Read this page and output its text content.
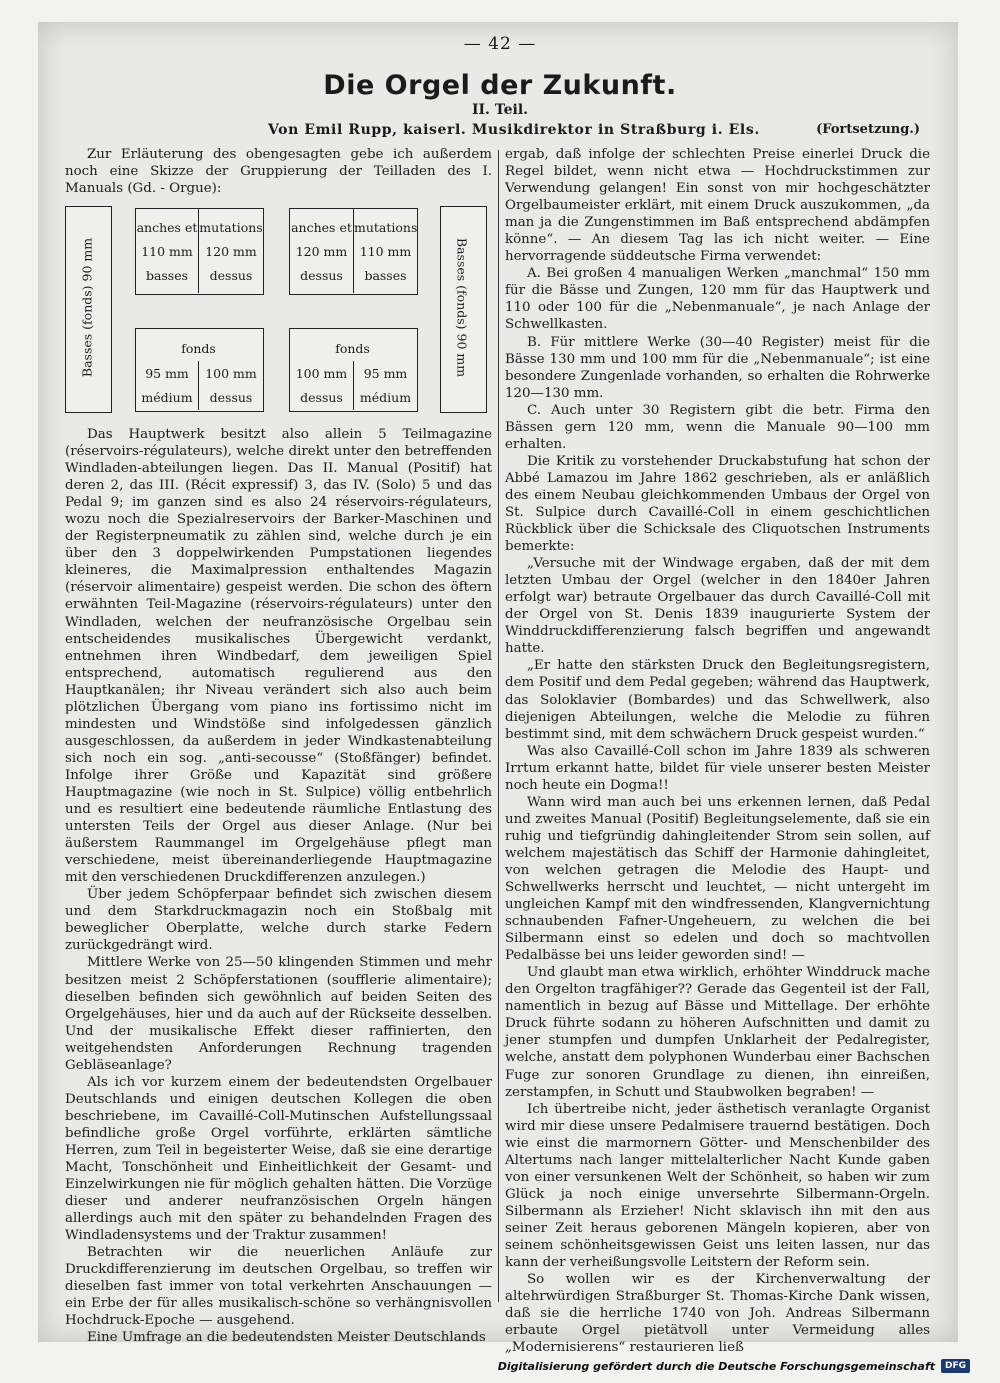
— 42 —
Die Orgel der Zukunft.
II. Teil.
Von Emil Rupp, kaiserl. Musikdirektor in Straßburg i. Els.	(Fortsetzung.)

Zur Erläuterung des obengesagten gebe ich außerdem noch eine Skizze der Gruppierung der Teilladen des I. Manuals (Gd. - Orgue):

Basses (fonds) 90 mm
anches et
110 mm
basses
mutations
120 mm
dessus
anches et
120 mm
dessus
mutations
110 mm
basses
fonds
95 mm
médium
100 mm
dessus
fonds
100 mm
dessus
95 mm
médium
Basses (fonds) 90 mm

Das Hauptwerk besitzt also allein 5 Teilmagazine (réservoirs-régulateurs), welche direkt unter den betreffenden Windladen-abteilungen liegen. Das II. Manual (Positif) hat deren 2, das III. (Récit expressif) 3, das IV. (Solo) 5 und das Pedal 9; im ganzen sind es also 24 réservoirs-régulateurs, wozu noch die Spezialreservoirs der Barker-Maschinen und der Registerpneumatik zu zählen sind, welche durch je ein über den 3 doppelwirkenden Pumpstationen liegendes kleineres, die Maximalpression enthaltendes Magazin (réservoir alimentaire) gespeist werden. Die schon des öftern erwähnten Teil-Magazine (réservoirs-régulateurs) unter den Windladen, welchen der neufranzösische Orgelbau sein entscheidendes musikalisches Übergewicht verdankt, entnehmen ihren Windbedarf, dem jeweiligen Spiel entsprechend, automatisch regulierend aus den Hauptkanälen; ihr Niveau verändert sich also auch beim plötzlichen Übergang vom piano ins fortissimo nicht im mindesten und Windstöße sind infolgedessen gänzlich ausgeschlossen, da außerdem in jeder Windkastenabteilung sich noch ein sog. „anti-secousse“ (Stoßfänger) befindet. Infolge ihrer Größe und Kapazität sind größere Hauptmagazine (wie noch in St. Sulpice) völlig entbehrlich und es resultiert eine bedeutende räumliche Entlastung des untersten Teils der Orgel aus dieser Anlage. (Nur bei äußerstem Raummangel im Orgelgehäuse pflegt man verschiedene, meist übereinanderliegende Hauptmagazine mit den verschiedenen Druckdifferenzen anzulegen.)

Über jedem Schöpferpaar befindet sich zwischen diesem und dem Starkdruckmagazin noch ein Stoßbalg mit beweglicher Oberplatte, welche durch starke Federn zurückgedrängt wird.

Mittlere Werke von 25—50 klingenden Stimmen und mehr besitzen meist 2 Schöpferstationen (soufflerie alimentaire); dieselben befinden sich gewöhnlich auf beiden Seiten des Orgelgehäuses, hier und da auch auf der Rückseite desselben. Und der musikalische Effekt dieser raffinierten, den weitgehendsten Anforderungen Rechnung tragenden Gebläseanlage?

Als ich vor kurzem einem der bedeutendsten Orgelbauer Deutschlands und einigen deutschen Kollegen die oben beschriebene, im Cavaillé-Coll-Mutinschen Aufstellungssaal befindliche große Orgel vorführte, erklärten sämtliche Herren, zum Teil in begeisterter Weise, daß sie eine derartige Macht, Tonschönheit und Einheitlichkeit der Gesamt- und Einzelwirkungen nie für möglich gehalten hätten. Die Vorzüge dieser und anderer neufranzösischen Orgeln hängen allerdings auch mit den später zu behandelnden Fragen des Windladensystems und der Traktur zusammen!

Betrachten wir die neuerlichen Anläufe zur Druckdifferenzierung im deutschen Orgelbau, so treffen wir dieselben fast immer von total verkehrten Anschauungen — ein Erbe der für alles musikalisch-schöne so verhängnisvollen Hochdruck-Epoche — ausgehend.

Eine Umfrage an die bedeutendsten Meister Deutschlands

ergab, daß infolge der schlechten Preise einerlei Druck die Regel bildet, wenn nicht etwa — Hochdruckstimmen zur Verwendung gelangen! Ein sonst von mir hochgeschätzter Orgelbaumeister erklärt, mit einem Druck auszukommen, „da man ja die Zungenstimmen im Baß entsprechend abdämpfen könne“. — An diesem Tag las ich nicht weiter. — Eine hervorragende süddeutsche Firma verwendet:

A. Bei großen 4 manualigen Werken „manchmal“ 150 mm für die Bässe und Zungen, 120 mm für das Hauptwerk und 110 oder 100 für die „Nebenmanuale“, je nach Anlage der Schwellkasten.

B. Für mittlere Werke (30—40 Register) meist für die Bässe 130 mm und 100 mm für die „Nebenmanuale“; ist eine besondere Zungenlade vorhanden, so erhalten die Rohrwerke 120—130 mm.

C. Auch unter 30 Registern gibt die betr. Firma den Bässen gern 120 mm, wenn die Manuale 90—100 mm erhalten.

Die Kritik zu vorstehender Druckabstufung hat schon der Abbé Lamazou im Jahre 1862 geschrieben, als er anläßlich des einem Neubau gleichkommenden Umbaus der Orgel von St. Sulpice durch Cavaillé-Coll in einem geschichtlichen Rückblick über die Schicksale des Cliquotschen Instruments bemerkte:

„Versuche mit der Windwage ergaben, daß der mit dem letzten Umbau der Orgel (welcher in den 1840er Jahren erfolgt war) betraute Orgelbauer das durch Cavaillé-Coll mit der Orgel von St. Denis 1839 inaugurierte System der Winddruckdifferenzierung falsch begriffen und angewandt hatte.

„Er hatte den stärksten Druck den Begleitungsregistern, dem Positif und dem Pedal gegeben; während das Hauptwerk, das Soloklavier (Bombardes) und das Schwellwerk, also diejenigen Abteilungen, welche die Melodie zu führen bestimmt sind, mit dem schwächern Druck gespeist wurden.“

Was also Cavaillé-Coll schon im Jahre 1839 als schweren Irrtum erkannt hatte, bildet für viele unserer besten Meister noch heute ein Dogma!!

Wann wird man auch bei uns erkennen lernen, daß Pedal und zweites Manual (Positif) Begleitungselemente, daß sie ein ruhig und tiefgründig dahingleitender Strom sein sollen, auf welchem majestätisch das Schiff der Harmonie dahingleitet, von welchen getragen die Melodie des Haupt- und Schwellwerks herrscht und leuchtet, — nicht untergeht im ungleichen Kampf mit den windfressenden, Klangvernichtung schnaubenden Fafner-Ungeheuern, zu welchen die bei Silbermann einst so edelen und doch so machtvollen Pedalbässe bei uns leider geworden sind! —

Und glaubt man etwa wirklich, erhöhter Winddruck mache den Orgelton tragfähiger?? Gerade das Gegenteil ist der Fall, namentlich in bezug auf Bässe und Mittellage. Der erhöhte Druck führte sodann zu höheren Aufschnitten und damit zu jener stumpfen und dumpfen Unklarheit der Pedalregister, welche, anstatt dem polyphonen Wunderbau einer Bachschen Fuge zur sonoren Grundlage zu dienen, ihn einreißen, zerstampfen, in Schutt und Staubwolken begraben! —

Ich übertreibe nicht, jeder ästhetisch veranlagte Organist wird mir diese unsere Pedalmisere trauernd bestätigen. Doch wie einst die marmornern Götter- und Menschenbilder des Altertums nach langer mittelalterlicher Nacht Kunde gaben von einer versunkenen Welt der Schönheit, so haben wir zum Glück ja noch einige unversehrte Silbermann-Orgeln. Silbermann als Erzieher! Nicht sklavisch ihn mit den aus seiner Zeit heraus geborenen Mängeln kopieren, aber von seinem schönheitsgewissen Geist uns leiten lassen, nur das kann der verheißungsvolle Leitstern der Reform sein.

So wollen wir es der Kirchenverwaltung der altehrwürdigen Straßburger St. Thomas-Kirche Dank wissen, daß sie die herrliche 1740 von Joh. Andreas Silbermann erbaute Orgel pietätvoll unter Vermeidung alles „Modernisierens“ restaurieren ließ

Digitalisierung gefördert durch die Deutsche Forschungsgemeinschaft	DFG
